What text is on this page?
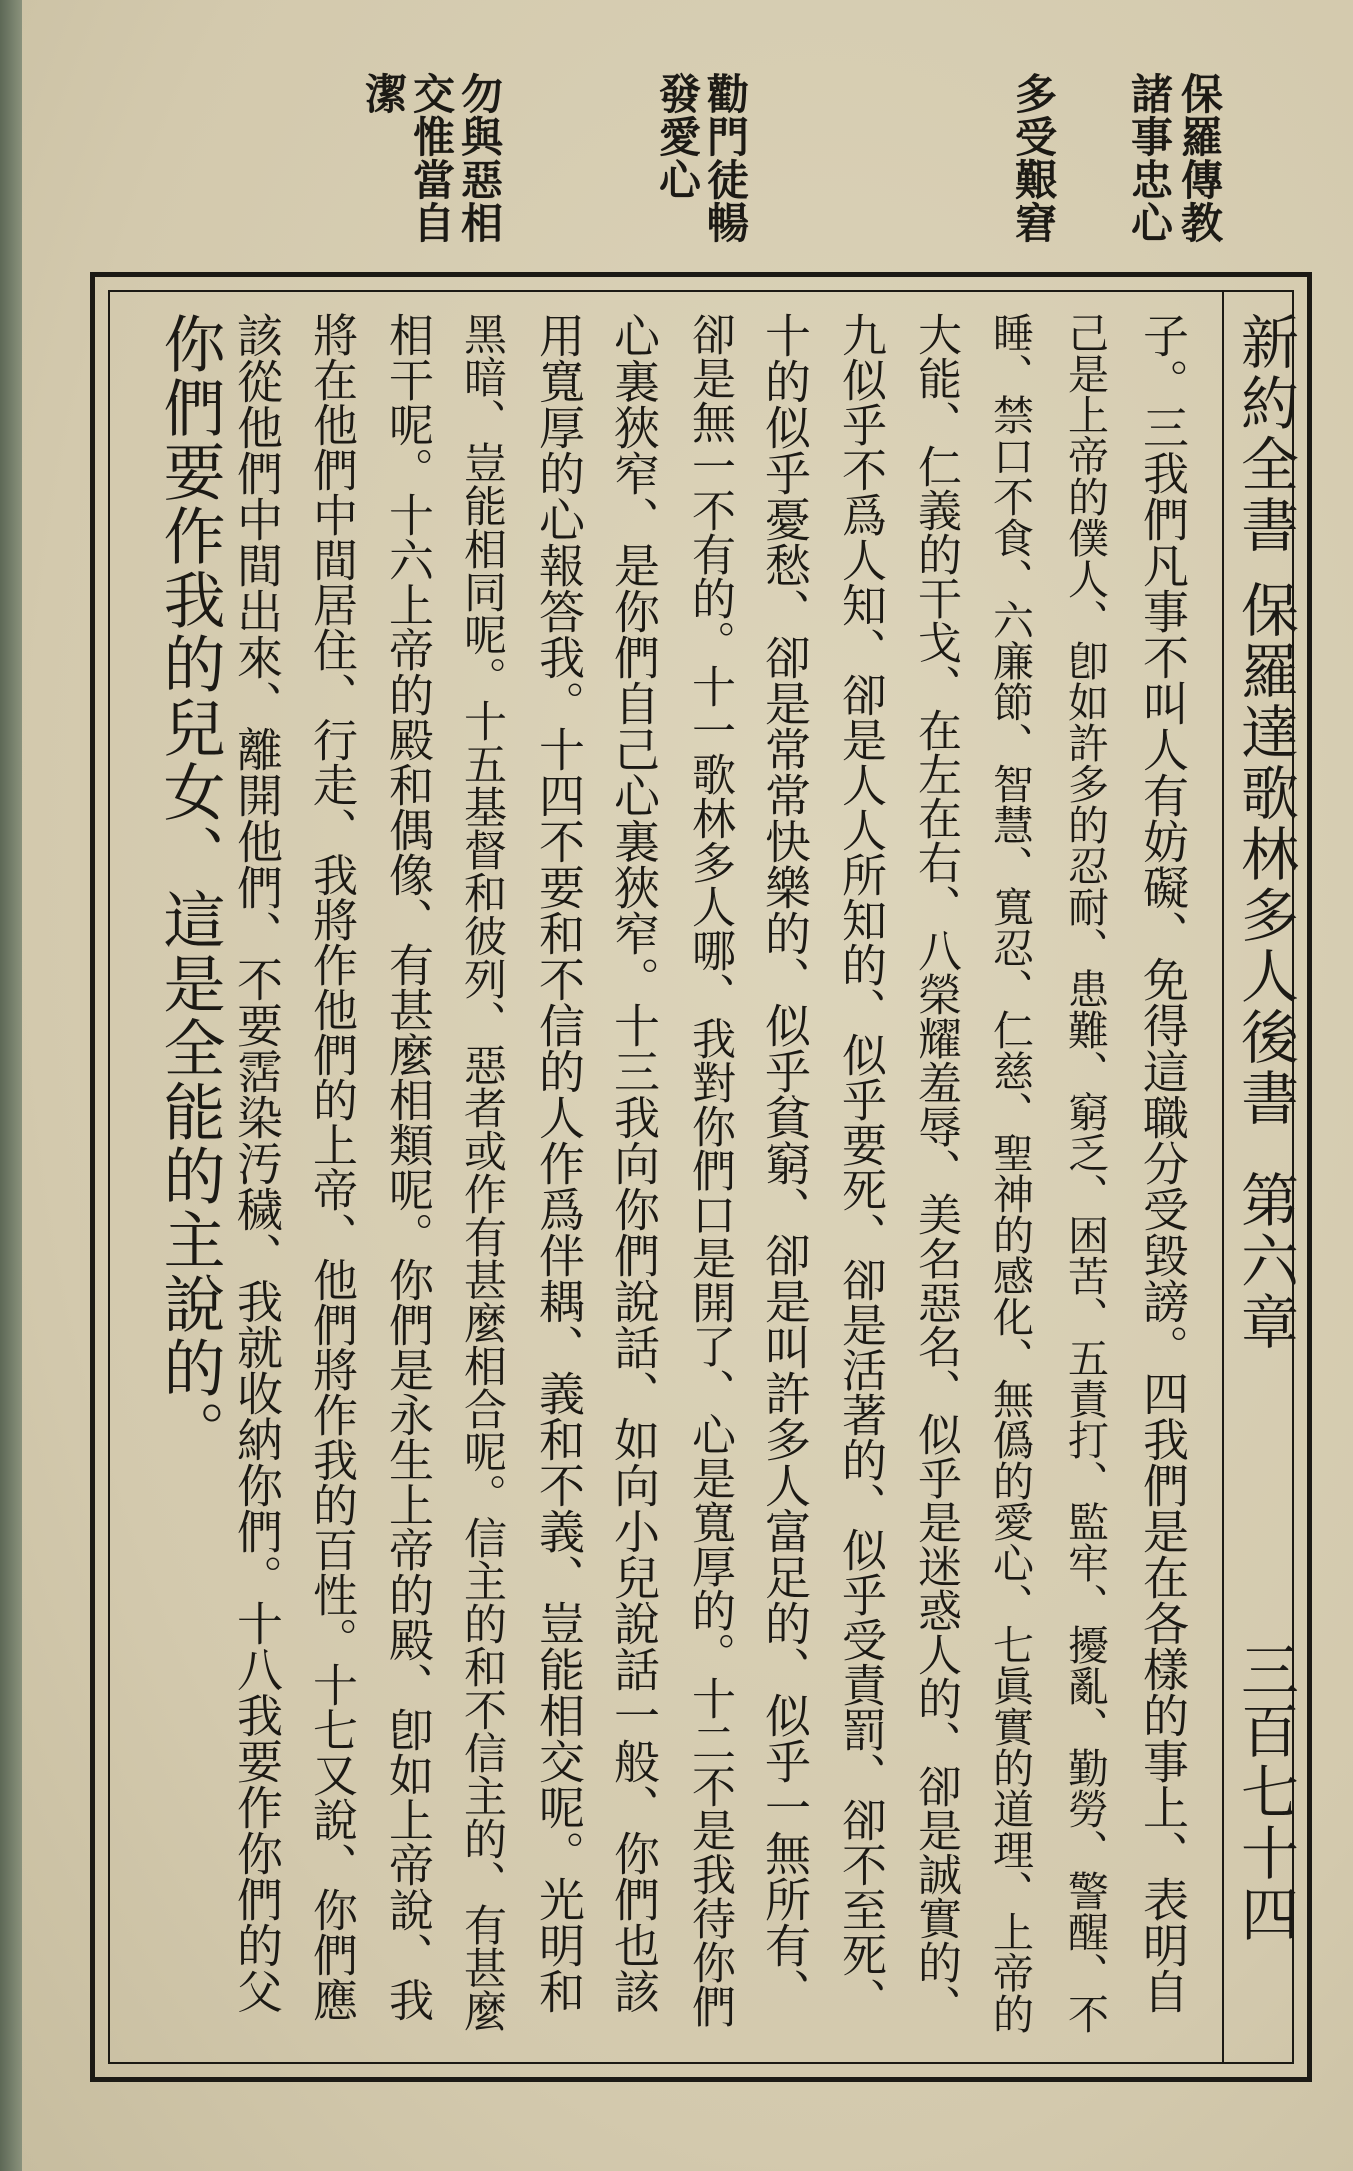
保羅傳教
諸事忠心
多受艱窘
勸門徒暢
發愛心
勿與惡相
交惟當自
潔
新約全書
保羅達歌林多人後書
第六章
三百七十四
子。三我們凡事不叫人有妨礙、免得這職分受毀謗。四我們是在各樣的事上、表明自
己是上帝的僕人、卽如許多的忍耐、患難、窮乏、困苦、五責打、監牢、擾亂、勤勞、警醒、不
睡、禁口不食、六廉節、智慧、寬忍、仁慈、聖神的感化、無僞的愛心、七眞實的道理、上帝的
大能、仁義的干戈、在左在右、八榮耀羞辱、美名惡名、似乎是迷惑人的、卻是誠實的、
九似乎不爲人知、卻是人人所知的、似乎要死、卻是活著的、似乎受責罰、卻不至死、
十的似乎憂愁、卻是常常快樂的、似乎貧窮、卻是叫許多人富足的、似乎一無所有、
卻是無一不有的。十一歌林多人哪、我對你們口是開了、心是寬厚的。十二不是我待你們
心裏狹窄、是你們自己心裏狹窄。十三我向你們說話、如向小兒說話一般、你們也該
用寬厚的心報答我。十四不要和不信的人作爲伴耦、義和不義、豈能相交呢。光明和
黑暗、豈能相同呢。十五基督和彼列、惡者或作有甚麼相合呢。信主的和不信主的、有甚麼
相干呢。十六上帝的殿和偶像、有甚麼相類呢。你們是永生上帝的殿、卽如上帝說、我
將在他們中間居住、行走、我將作他們的上帝、他們將作我的百性。十七又說、你們應
該從他們中間出來、離開他們、不要霑染汚穢、我就收納你們。十八我要作你們的父
你們要作我的兒女、這是全能的主說的。
